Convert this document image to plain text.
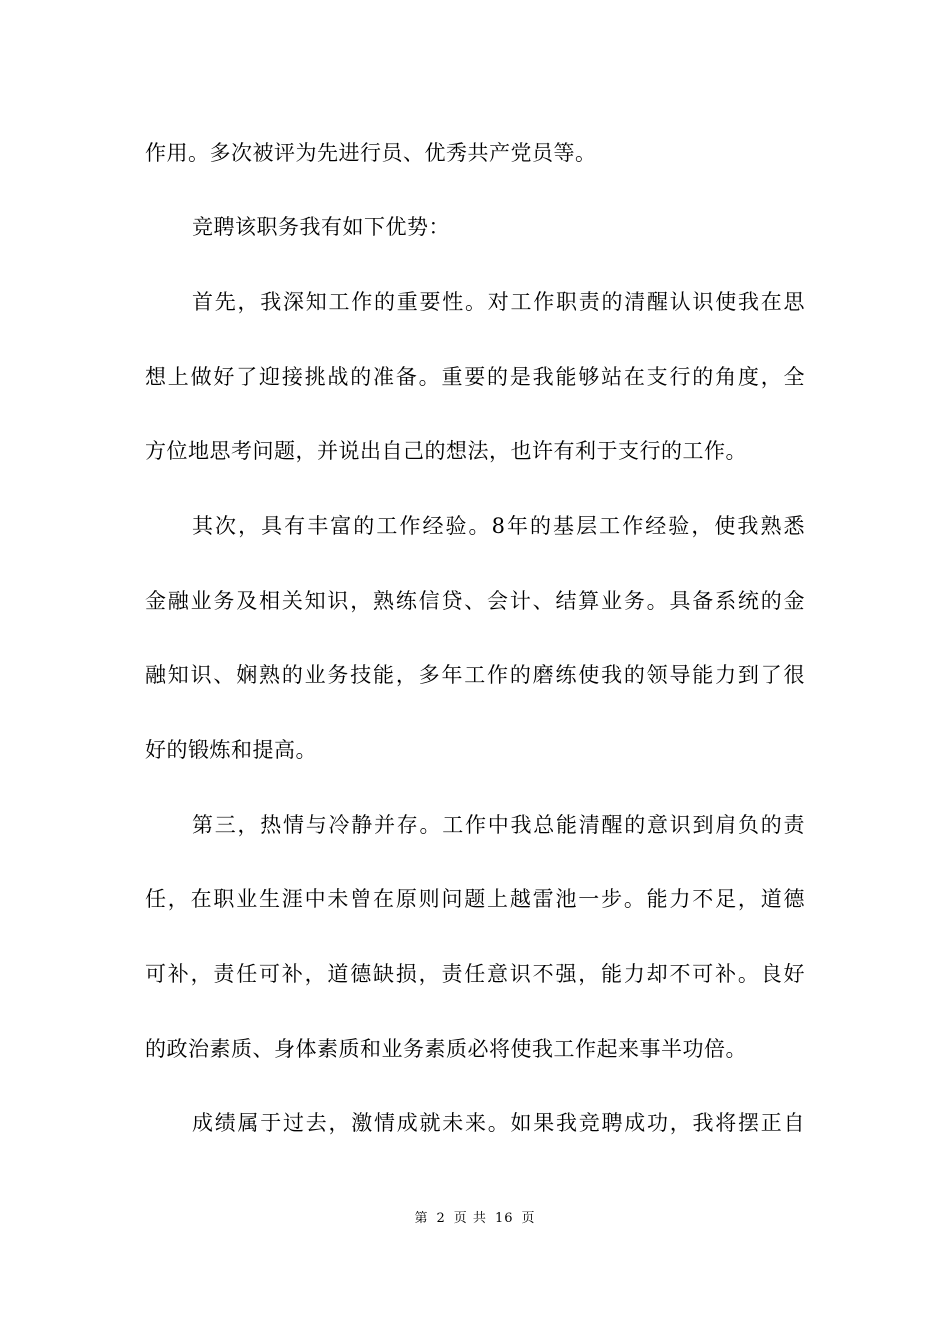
作用。多次被评为先进行员、优秀共产党员等。
竞聘该职务我有如下优势：
首先，我深知工作的重要性。对工作职责的清醒认识使我在思
想上做好了迎接挑战的准备。重要的是我能够站在支行的角度，全
方位地思考问题，并说出自己的想法，也许有利于支行的工作。
其次，具有丰富的工作经验。8年的基层工作经验，使我熟悉
金融业务及相关知识，熟练信贷、会计、结算业务。具备系统的金
融知识、娴熟的业务技能，多年工作的磨练使我的领导能力到了很
好的锻炼和提高。
第三，热情与冷静并存。工作中我总能清醒的意识到肩负的责
任，在职业生涯中未曾在原则问题上越雷池一步。能力不足，道德
可补，责任可补，道德缺损，责任意识不强，能力却不可补。良好
的政治素质、身体素质和业务素质必将使我工作起来事半功倍。
成绩属于过去，激情成就未来。如果我竞聘成功，我将摆正自
第 2 页 共 16 页
